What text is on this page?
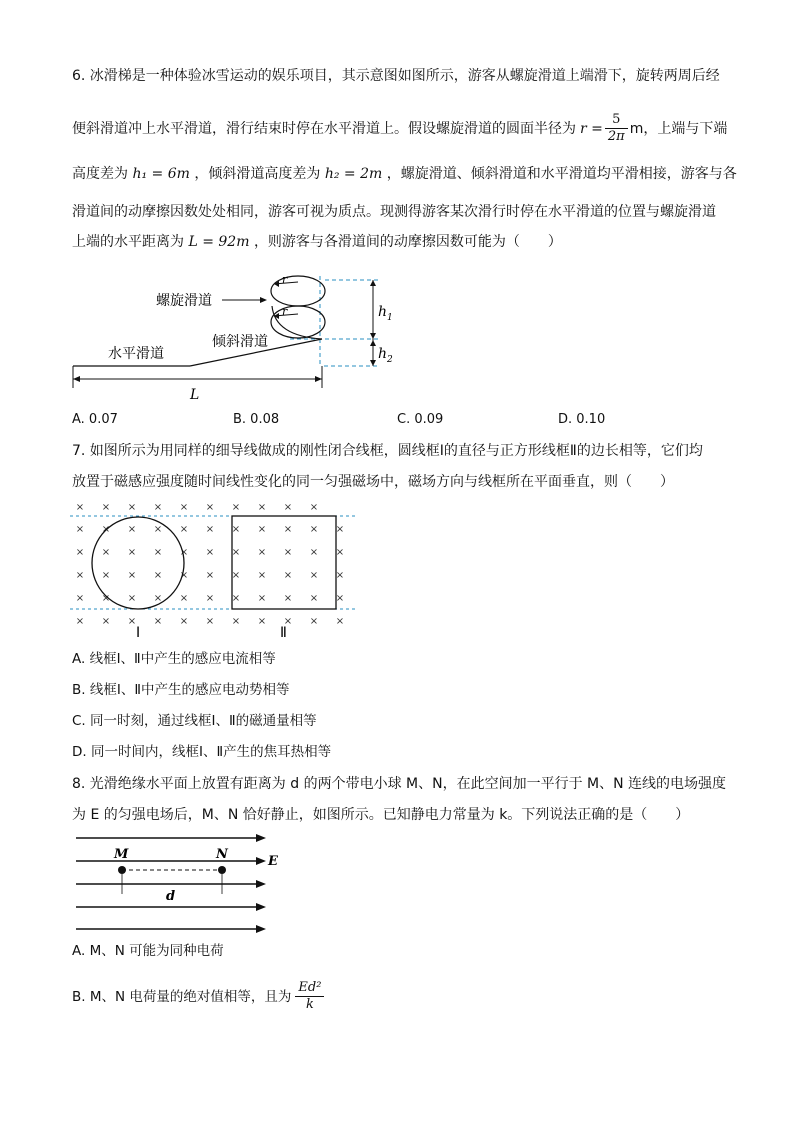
6. 冰滑梯是一种体验冰雪运动的娱乐项目，其示意图如图所示，游客从螺旋滑道上端滑下，旋转两周后经
便斜滑道冲上水平滑道，滑行结束时停在水平滑道上。假设螺旋滑道的圆面半径为 $r = \frac{5}{2\pi}$ m ，上端与下端
高度差为 h₁ = 6m ，倾斜滑道高度差为 h₂ = 2m ，螺旋滑道、倾斜滑道和水平滑道均平滑相接，游客与各
滑道间的动摩擦因数处处相同，游客可视为质点。现测得游客某次滑行时停在水平滑道的位置与螺旋滑道
上端的水平距离为 L = 92m ，则游客与各滑道间的动摩擦因数可能为（　　）
r
r
螺旋滑道
倾斜滑道
水平滑道
$h_1$
$h_2$
L
A. 0.07	B. 0.08	C. 0.09	D. 0.10
7. 如图所示为用同样的细导线做成的刚性闭合线框，圆线框Ⅰ的直径与正方形线框Ⅱ的边长相等，它们均
放置于磁感应强度随时间线性变化的同一匀强磁场中，磁场方向与线框所在平面垂直，则（　　）
× × × × × × × × × ×
× × × × × × × × × × ×
× × × × × × × × × × ×
× × × × × × × × × × ×
× × × × × × × × × × ×
× × × × × × × × × × ×
Ⅰ	Ⅱ
A. 线框Ⅰ、Ⅱ中产生的感应电流相等
B. 线框Ⅰ、Ⅱ中产生的感应电动势相等
C. 同一时刻，通过线框Ⅰ、Ⅱ的磁通量相等
D. 同一时间内，线框Ⅰ、Ⅱ产生的焦耳热相等
8. 光滑绝缘水平面上放置有距离为 d 的两个带电小球 M、N，在此空间加一平行于 M、N 连线的电场强度
为 E 的匀强电场后，M、N 恰好静止，如图所示。已知静电力常量为 k。下列说法正确的是（　　）
M	N	E
d
A. M、N 可能为同种电荷
B. M、N 电荷量的绝对值相等，且为 $\frac{\text{Ed²}}{k}$
